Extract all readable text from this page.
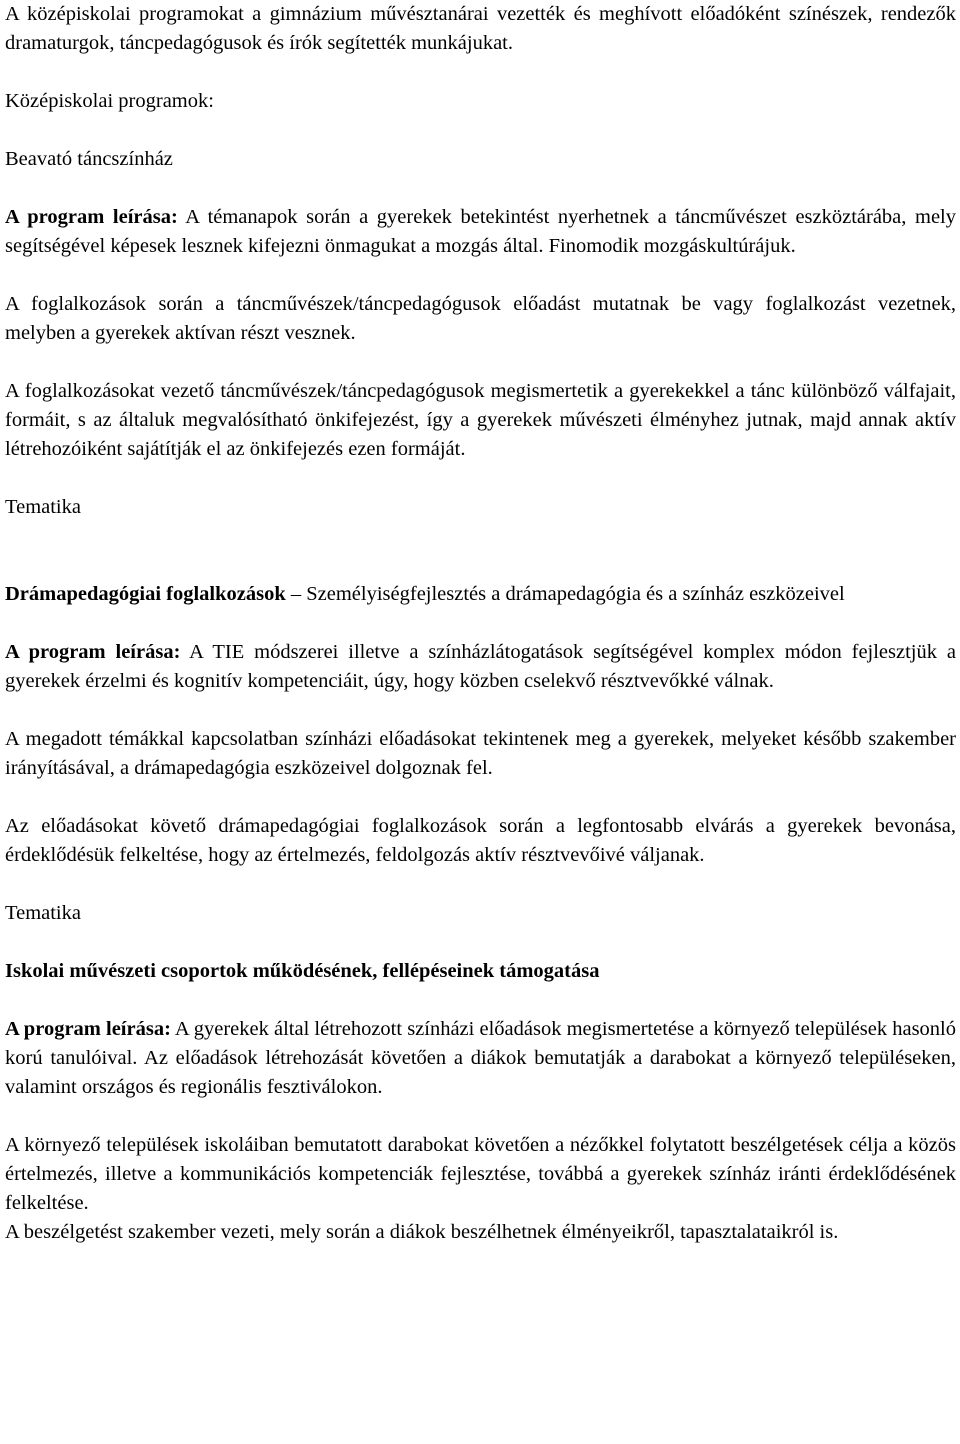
A középiskolai programokat a gimnázium művésztanárai vezették és meghívott előadóként színészek, rendezők dramaturgok, táncpedagógusok és írók segítették munkájukat.

Középiskolai programok:

Beavató táncszínház

A program leírása: A témanapok során a gyerekek betekintést nyerhetnek a táncművészet eszköztárába, mely segítségével képesek lesznek kifejezni önmagukat a mozgás által. Finomodik mozgáskultúrájuk.

A foglalkozások során a táncművészek/táncpedagógusok előadást mutatnak be vagy foglalkozást vezetnek, melyben a gyerekek aktívan részt vesznek.

A foglalkozásokat vezető táncművészek/táncpedagógusok megismertetik a gyerekekkel a tánc különböző válfajait, formáit, s az általuk megvalósítható önkifejezést, így a gyerekek művészeti élményhez jutnak, majd annak aktív létrehozóiként sajátítják el az önkifejezés ezen formáját.

Tematika

Drámapedagógiai foglalkozások – Személyiségfejlesztés a drámapedagógia és a színház eszközeivel

A program leírása: A TIE módszerei illetve a színházlátogatások segítségével komplex módon fejlesztjük a gyerekek érzelmi és kognitív kompetenciáit, úgy, hogy közben cselekvő résztvevőkké válnak.

A megadott témákkal kapcsolatban színházi előadásokat tekintenek meg a gyerekek, melyeket később szakember irányításával, a drámapedagógia eszközeivel dolgoznak fel.

Az előadásokat követő drámapedagógiai foglalkozások során a legfontosabb elvárás a gyerekek bevonása, érdeklődésük felkeltése, hogy az értelmezés, feldolgozás aktív résztvevőivé váljanak.

Tematika

Iskolai művészeti csoportok működésének, fellépéseinek támogatása

A program leírása: A gyerekek által létrehozott színházi előadások megismertetése a környező települések hasonló korú tanulóival. Az előadások létrehozását követően a diákok bemutatják a darabokat a környező településeken, valamint országos és regionális fesztiválokon.

A környező települések iskoláiban bemutatott darabokat követően a nézőkkel folytatott beszélgetések célja a közös értelmezés, illetve a kommunikációs kompetenciák fejlesztése, továbbá a gyerekek színház iránti érdeklődésének felkeltése.

A beszélgetést szakember vezeti, mely során a diákok beszélhetnek élményeikről, tapasztalataikról is.
